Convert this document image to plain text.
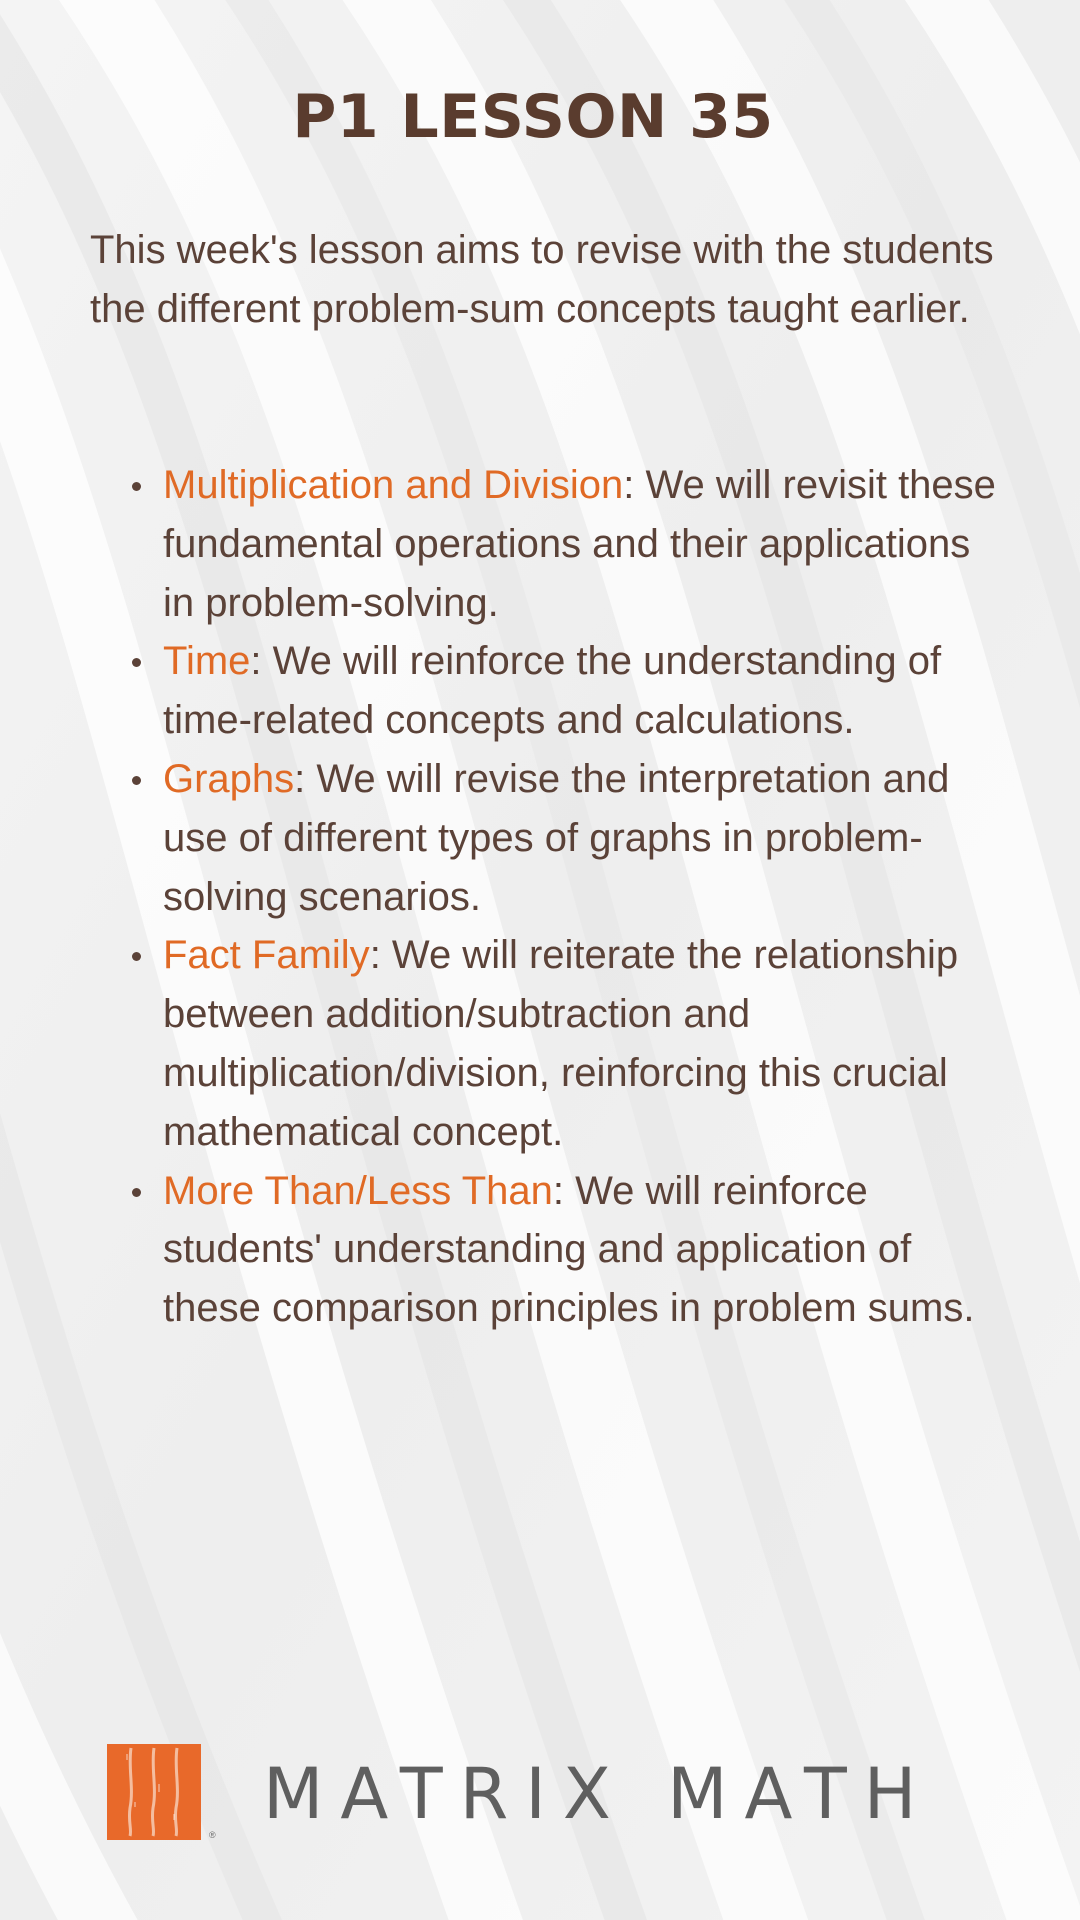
P1 LESSON 35

This week's lesson aims to revise with the students the different problem-sum concepts taught earlier.

Multiplication and Division: We will revisit these fundamental operations and their applications in problem-solving.
Time: We will reinforce the understanding of time-related concepts and calculations.
Graphs: We will revise the interpretation and use of different types of graphs in problem-solving scenarios.
Fact Family: We will reiterate the relationship between addition/subtraction and multiplication/division, reinforcing this crucial mathematical concept.
More Than/Less Than: We will reinforce students' understanding and application of these comparison principles in problem sums.
® MATRIX MATH
